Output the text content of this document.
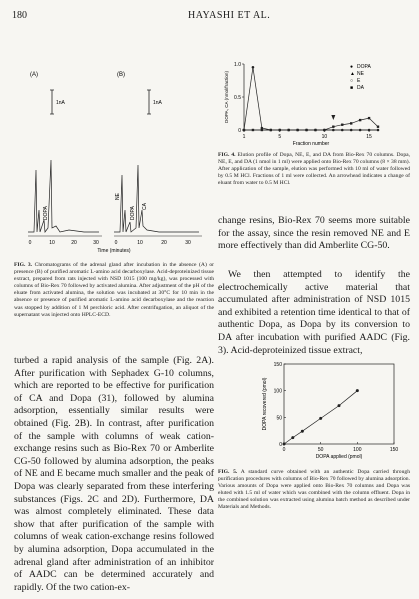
180	HAYASHI ET AL.
(A)	(B)
1nA	1nA
DOPA	DOPA
NE
CA
0	10	20	30	0	10	20	30
Time (minutes)
FIG. 3. Chromatograms of the adrenal gland after incubation in the absence (A) or presence (B) of purified aromatic L-amino acid decarboxylase. Acid-deproteinized tissue extract, prepared from rats injected with NSD 1015 (100 mg/kg), was processed with columns of Bio-Rex 70 followed by activated alumina. After adjustment of the pH of the eluate from activated alumina, the solution was incubated at 30°C for 10 min in the absence or presence of purified aromatic L-amino acid decarboxylase and the reaction was stopped by addition of 1 M perchloric acid. After centrifugation, an aliquot of the supernatant was injected onto HPLC-ECD.
turbed a rapid analysis of the sample (Fig. 2A). After purification with Sephadex G-10 columns, which are reported to be effective for purification of CA and Dopa (31), followed by alumina adsorption, essentially similar results were obtained (Fig. 2B). In contrast, after purification of the sample with columns of weak cation-exchange resins such as Bio-Rex 70 or Amberlite CG-50 followed by alumina adsorption, the peaks of NE and E became much smaller and the peak of Dopa was clearly separated from these interfering substances (Figs. 2C and 2D). Furthermore, DA was almost completely eliminated. These data show that after purification of the sample with columns of weak cation-exchange resins followed by alumina adsorption, Dopa accumulated in the adrenal gland after administration of an inhibitor of AADC can be determined accurately and rapidly. Of the two cation-ex-
0
0.5
1.0
1	5	10	15
Fraction number
DOPA, CA (nmol/fraction)
● DOPA
▲ NE
○ E
■ DA
FIG. 4. Elution profile of Dopa, NE, E, and DA from Bio-Rex 70 columns. Dopa, NE, E, and DA (1 nmol in 1 ml) were applied onto Bio-Rex 70 columns (8 × 38 mm). After application of the sample, elution was performed with 10 ml of water followed by 0.5 M HCl. Fractions of 1 ml were collected. An arrowhead indicates a change of eluant from water to 0.5 M HCl.
change resins, Bio-Rex 70 seems more suitable for the assay, since the resin removed NE and E more effectively than did Amberlite CG-50.
We then attempted to identify the electrochemically active material that accumulated after administration of NSD 1015 and exhibited a retention time identical to that of authentic Dopa, as Dopa by its conversion to DA after incubation with purified AADC (Fig. 3). Acid-deproteinized tissue extract,
0
50
100
150
0	50	100	150
DOPA applied (pmol)
DOPA recovered (pmol)
FIG. 5. A standard curve obtained with an authentic Dopa carried through purification procedures with columns of Bio-Rex 70 followed by alumina adsorption. Various amounts of Dopa were applied onto Bio-Rex 70 columns and Dopa was eluted with 1.5 ml of water which was combined with the column effluent. Dopa in the combined solution was extracted using alumina batch method as described under Materials and Methods.
